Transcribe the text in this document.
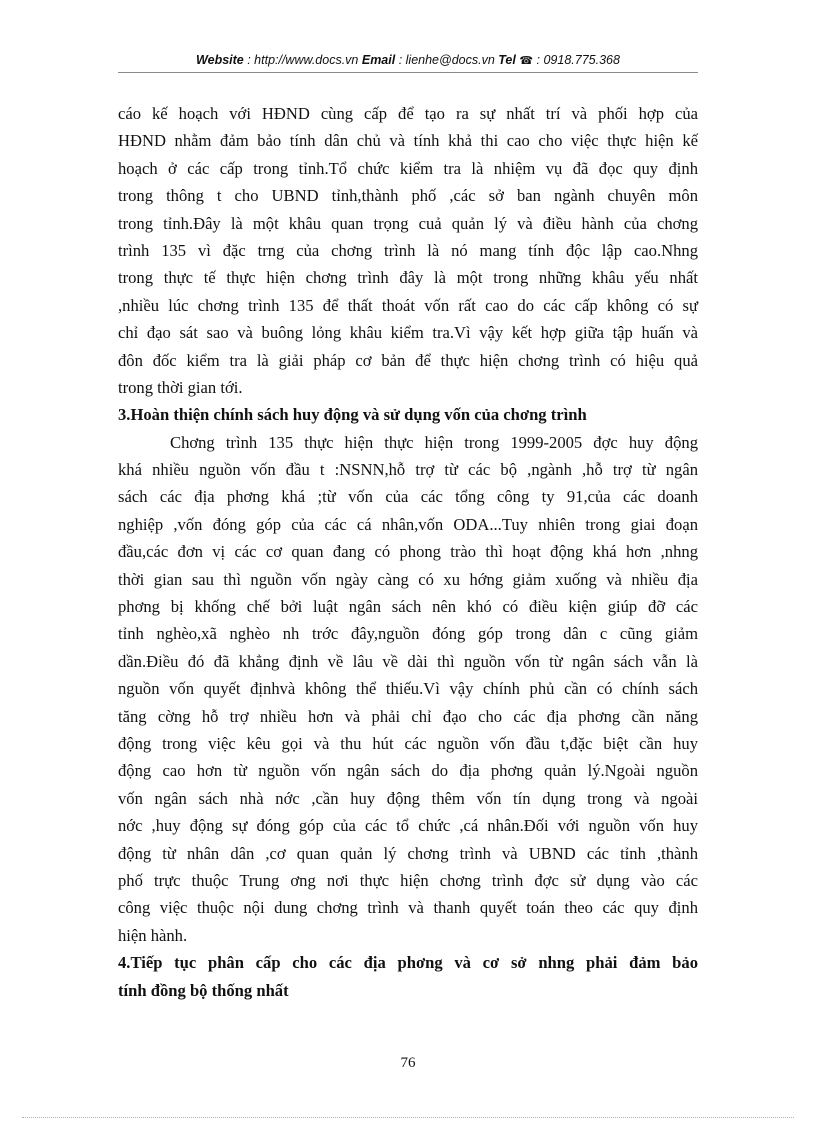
Website : http://www.docs.vn Email : lienhe@docs.vn Tel ☎ : 0918.775.368
cáo kế hoạch với HĐND cùng cấp để tạo ra sự nhất trí và phối hợp của
HĐND nhằm đảm bảo tính dân chủ và tính khả thi cao cho việc thực hiện kế
hoạch ở các cấp trong tỉnh.Tổ chức kiểm tra là nhiệm vụ đã đọc quy định
trong thông t cho UBND tỉnh,thành phố ,các sở ban ngành chuyên môn
trong tỉnh.Đây là một khâu quan trọng cuả quản lý và điều hành của chơng
trình 135 vì đặc trng của chơng trình là nó mang tính độc lập cao.Nhng
trong thực tế thực hiện chơng trình đây là một trong những khâu yếu nhất
,nhiều lúc chơng trình 135 để thất thoát vốn rất cao do các cấp không có sự
chỉ đạo sát sao và buông lỏng khâu kiểm tra.Vì vậy kết hợp giữa tập huấn và
đôn đốc kiểm tra là giải pháp cơ bản để thực hiện chơng trình có hiệu quả
trong thời gian tới.
3.Hoàn thiện chính sách huy động và sử dụng vốn của chơng trình
Chơng trình 135 thực hiện thực hiện trong 1999-2005 đợc huy động
khá nhiều nguồn vốn đầu t :NSNN,hỗ trợ từ các bộ ,ngành ,hỗ trợ từ ngân
sách các địa phơng khá ;từ vốn của các tổng công ty 91,của các doanh
nghiệp ,vốn đóng góp của các cá nhân,vốn ODA...Tuy nhiên trong giai đoạn
đầu,các đơn vị các cơ quan đang có phong trào thì hoạt động khá hơn ,nhng
thời gian sau thì nguồn vốn ngày càng có xu hớng giảm xuống và nhiều địa
phơng bị khống chế bởi luật ngân sách nên khó có điều kiện giúp đỡ các
tỉnh nghèo,xã nghèo nh trớc đây,nguồn đóng góp trong dân c cũng giảm
dần.Điều đó đã khẳng định về lâu về dài thì nguồn vốn từ ngân sách vẫn là
nguồn vốn quyết địnhvà không thể thiếu.Vì vậy chính phủ cần có chính sách
tăng cờng hỗ trợ nhiều hơn và phải chỉ đạo cho các địa phơng cần năng
động trong việc kêu gọi và thu hút các nguồn vốn đầu t,đặc biệt cần huy
động cao hơn từ nguồn vốn ngân sách do địa phơng quản lý.Ngoài nguồn
vốn ngân sách nhà nớc ,cần huy động thêm vốn tín dụng trong và ngoài
nớc ,huy động sự đóng góp của các tổ chức ,cá nhân.Đối với nguồn vốn huy
động từ nhân dân ,cơ quan quản lý chơng trình và UBND các tỉnh ,thành
phố trực thuộc Trung ơng nơi thực hiện chơng trình đợc sử dụng vào các
công việc thuộc nội dung chơng trình và thanh quyết toán theo các quy định
hiện hành.
4.Tiếp tục phân cấp cho các địa phơng và cơ sở nhng phải đảm bảo
tính đồng bộ thống nhất
76
